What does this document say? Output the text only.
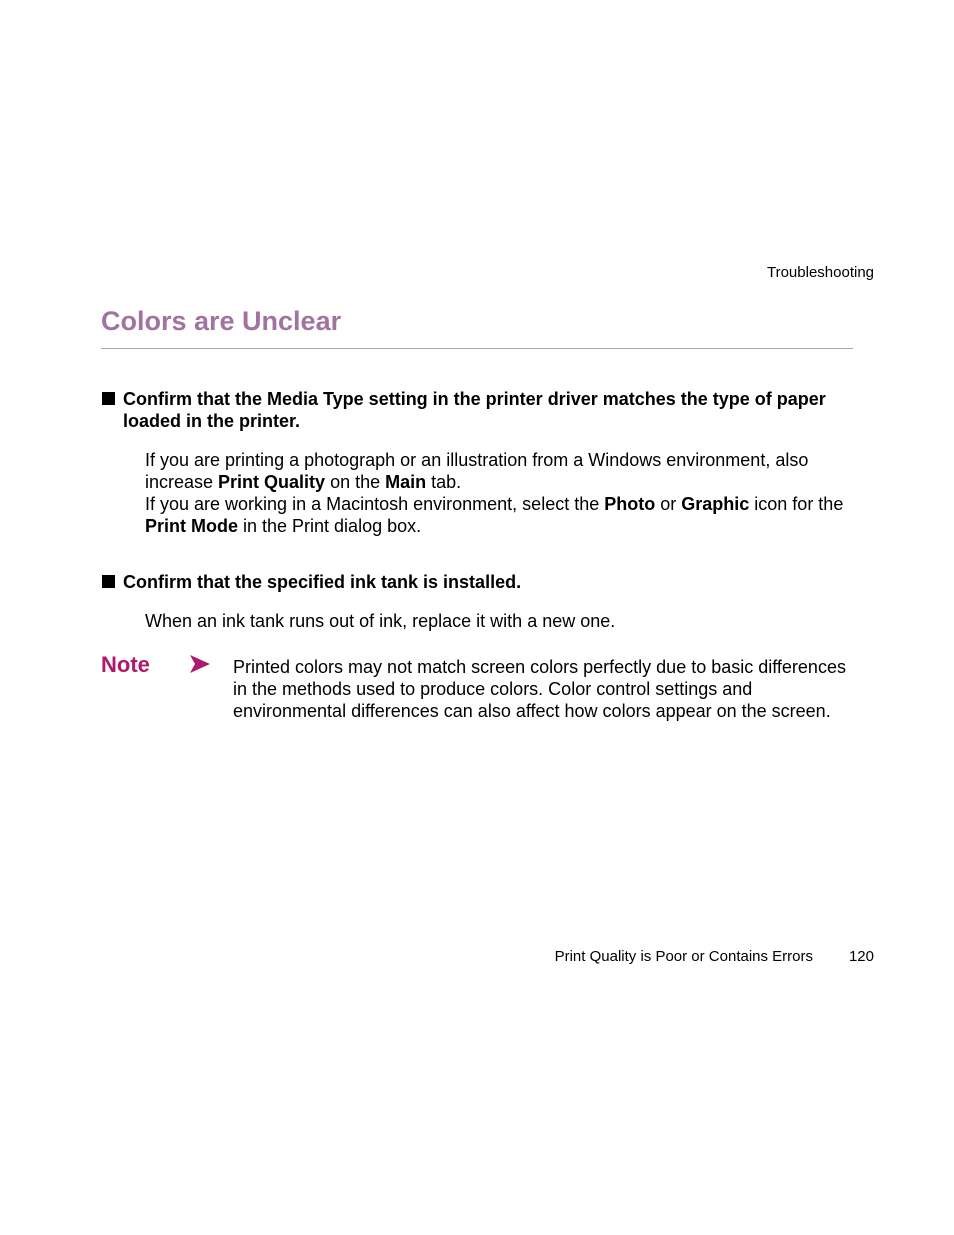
Troubleshooting
Colors are Unclear
Confirm that the Media Type setting in the printer driver matches the type of paper loaded in the printer.
If you are printing a photograph or an illustration from a Windows environment, also increase Print Quality on the Main tab.
If you are working in a Macintosh environment, select the Photo or Graphic icon for the Print Mode in the Print dialog box.
Confirm that the specified ink tank is installed.
When an ink tank runs out of ink, replace it with a new one.
Note	Printed colors may not match screen colors perfectly due to basic differences in the methods used to produce colors. Color control settings and environmental differences can also affect how colors appear on the screen.
Print Quality is Poor or Contains Errors 120
